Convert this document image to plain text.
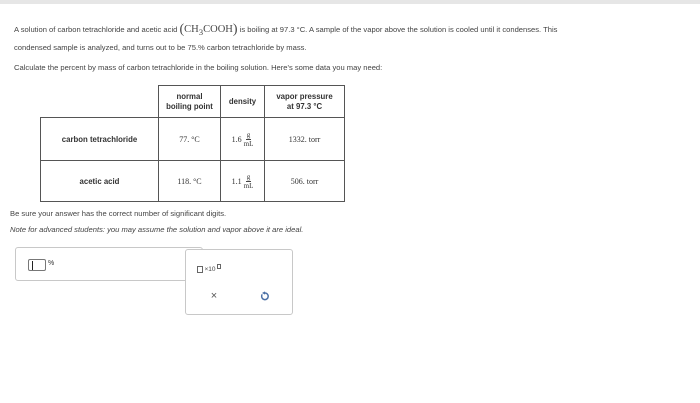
A solution of carbon tetrachloride and acetic acid $(CH_3COOH)$ is boiling at 97.3 °C. A sample of the vapor above the solution is cooled until it condenses. This

condensed sample is analyzed, and turns out to be 75.% carbon tetrachloride by mass.

Calculate the percent by mass of carbon tetrachloride in the boiling solution. Here's some data you may need:

	normal
boiling point	density	vapor pressure
at 97.3 °C
carbon tetrachloride	77. °C	$1.6 \frac{g}{mL}$	1332. torr
acetic acid	118. °C	$1.1 \frac{g}{mL}$	506. torr
Be sure your answer has the correct number of significant digits.
Note for advanced students: you may assume the solution and vapor above it are ideal.
%
×10
×
